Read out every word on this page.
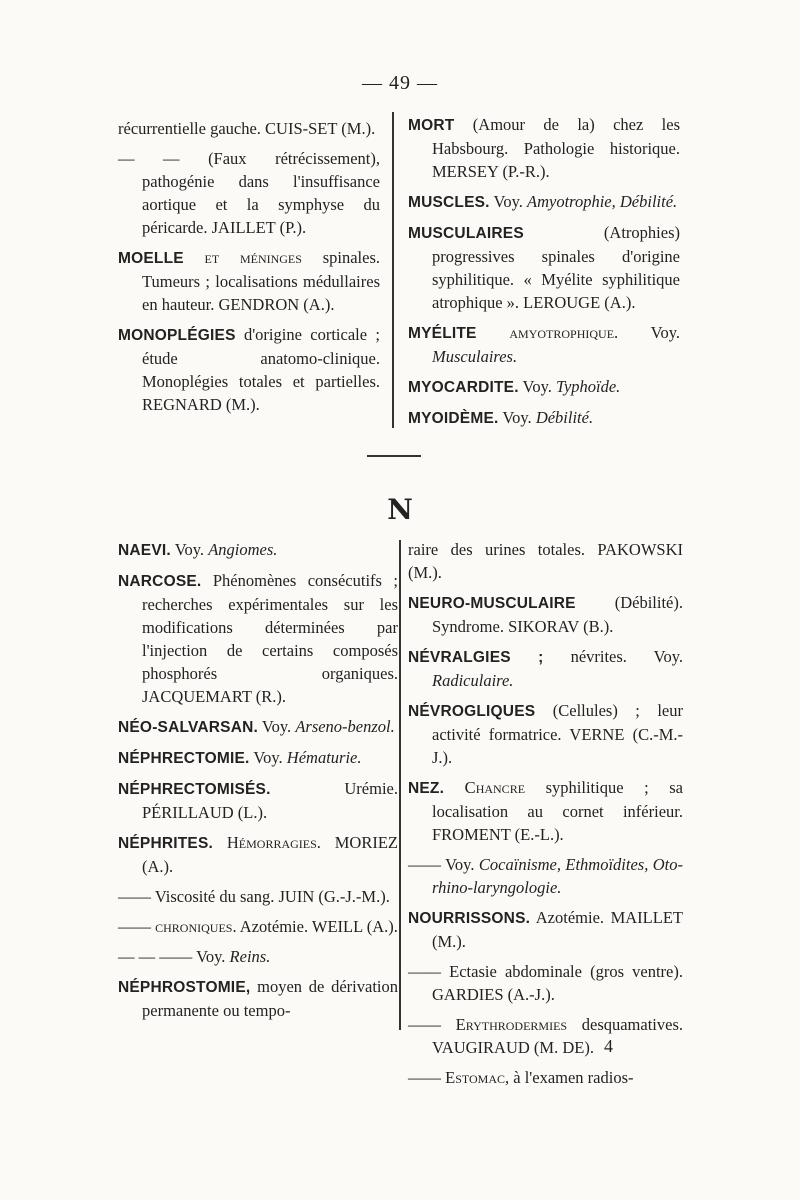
— 49 —
récurrentielle gauche. CUIS-SET (M.).
— — (Faux rétrécissement), pathogénie dans l'insuffisance aortique et la symphyse du péricarde. JAILLET (P.).
MOELLE et méninges spinales. Tumeurs ; localisations médullaires en hauteur. GENDRON (A.).
MONOPLÉGIES d'origine corticale ; étude anatomo-clinique. Monoplégies totales et partielles. REGNARD (M.).
MORT (Amour de la) chez les Habsbourg. Pathologie historique. MERSEY (P.-R.).
MUSCLES. Voy. Amyotrophie, Débilité.
MUSCULAIRES (Atrophies) progressives spinales d'origine syphilitique. « Myélite syphilitique atrophique ». LEROUGE (A.).
MYÉLITE amyotrophique. Voy. Musculaires.
MYOCARDITE. Voy. Typhoïde.
MYOIDÈME. Voy. Débilité.
N
NAEVI. Voy. Angiomes.
NARCOSE. Phénomènes consécutifs ; recherches expérimentales sur les modifications déterminées par l'injection de certains composés phosphorés organiques. JACQUEMART (R.).
NÉO-SALVARSAN. Voy. Arseno-benzol.
NÉPHRECTOMIE. Voy. Hématurie.
NÉPHRECTOMISÉS. Urémie. PÉRILLAUD (L.).
NÉPHRITES. Hémorragies. MORIEZ (A.).
—— Viscosité du sang. JUIN (G.-J.-M.).
—— chroniques. Azotémie. WEILL (A.).
— — —— Voy. Reins.
NÉPHROSTOMIE, moyen de dérivation permanente ou tempo-
raire des urines totales. PAKOWSKI (M.).
NEURO-MUSCULAIRE (Débilité). Syndrome. SIKORAV (B.).
NÉVRALGIES ; névrites. Voy. Radiculaire.
NÉVROGLIQUES (Cellules) ; leur activité formatrice. VERNE (C.-M.-J.).
NEZ. Chancre syphilitique ; sa localisation au cornet inférieur. FROMENT (E.-L.).
—— Voy. Cocaïnisme, Ethmoïdites, Oto-rhino-laryngologie.
NOURRISSONS. Azotémie. MAILLET (M.).
—— Ectasie abdominale (gros ventre). GARDIES (A.-J.).
—— Erythrodermies desquamatives. VAUGIRAUD (M. DE).
—— Estomac, à l'examen radios-
4
